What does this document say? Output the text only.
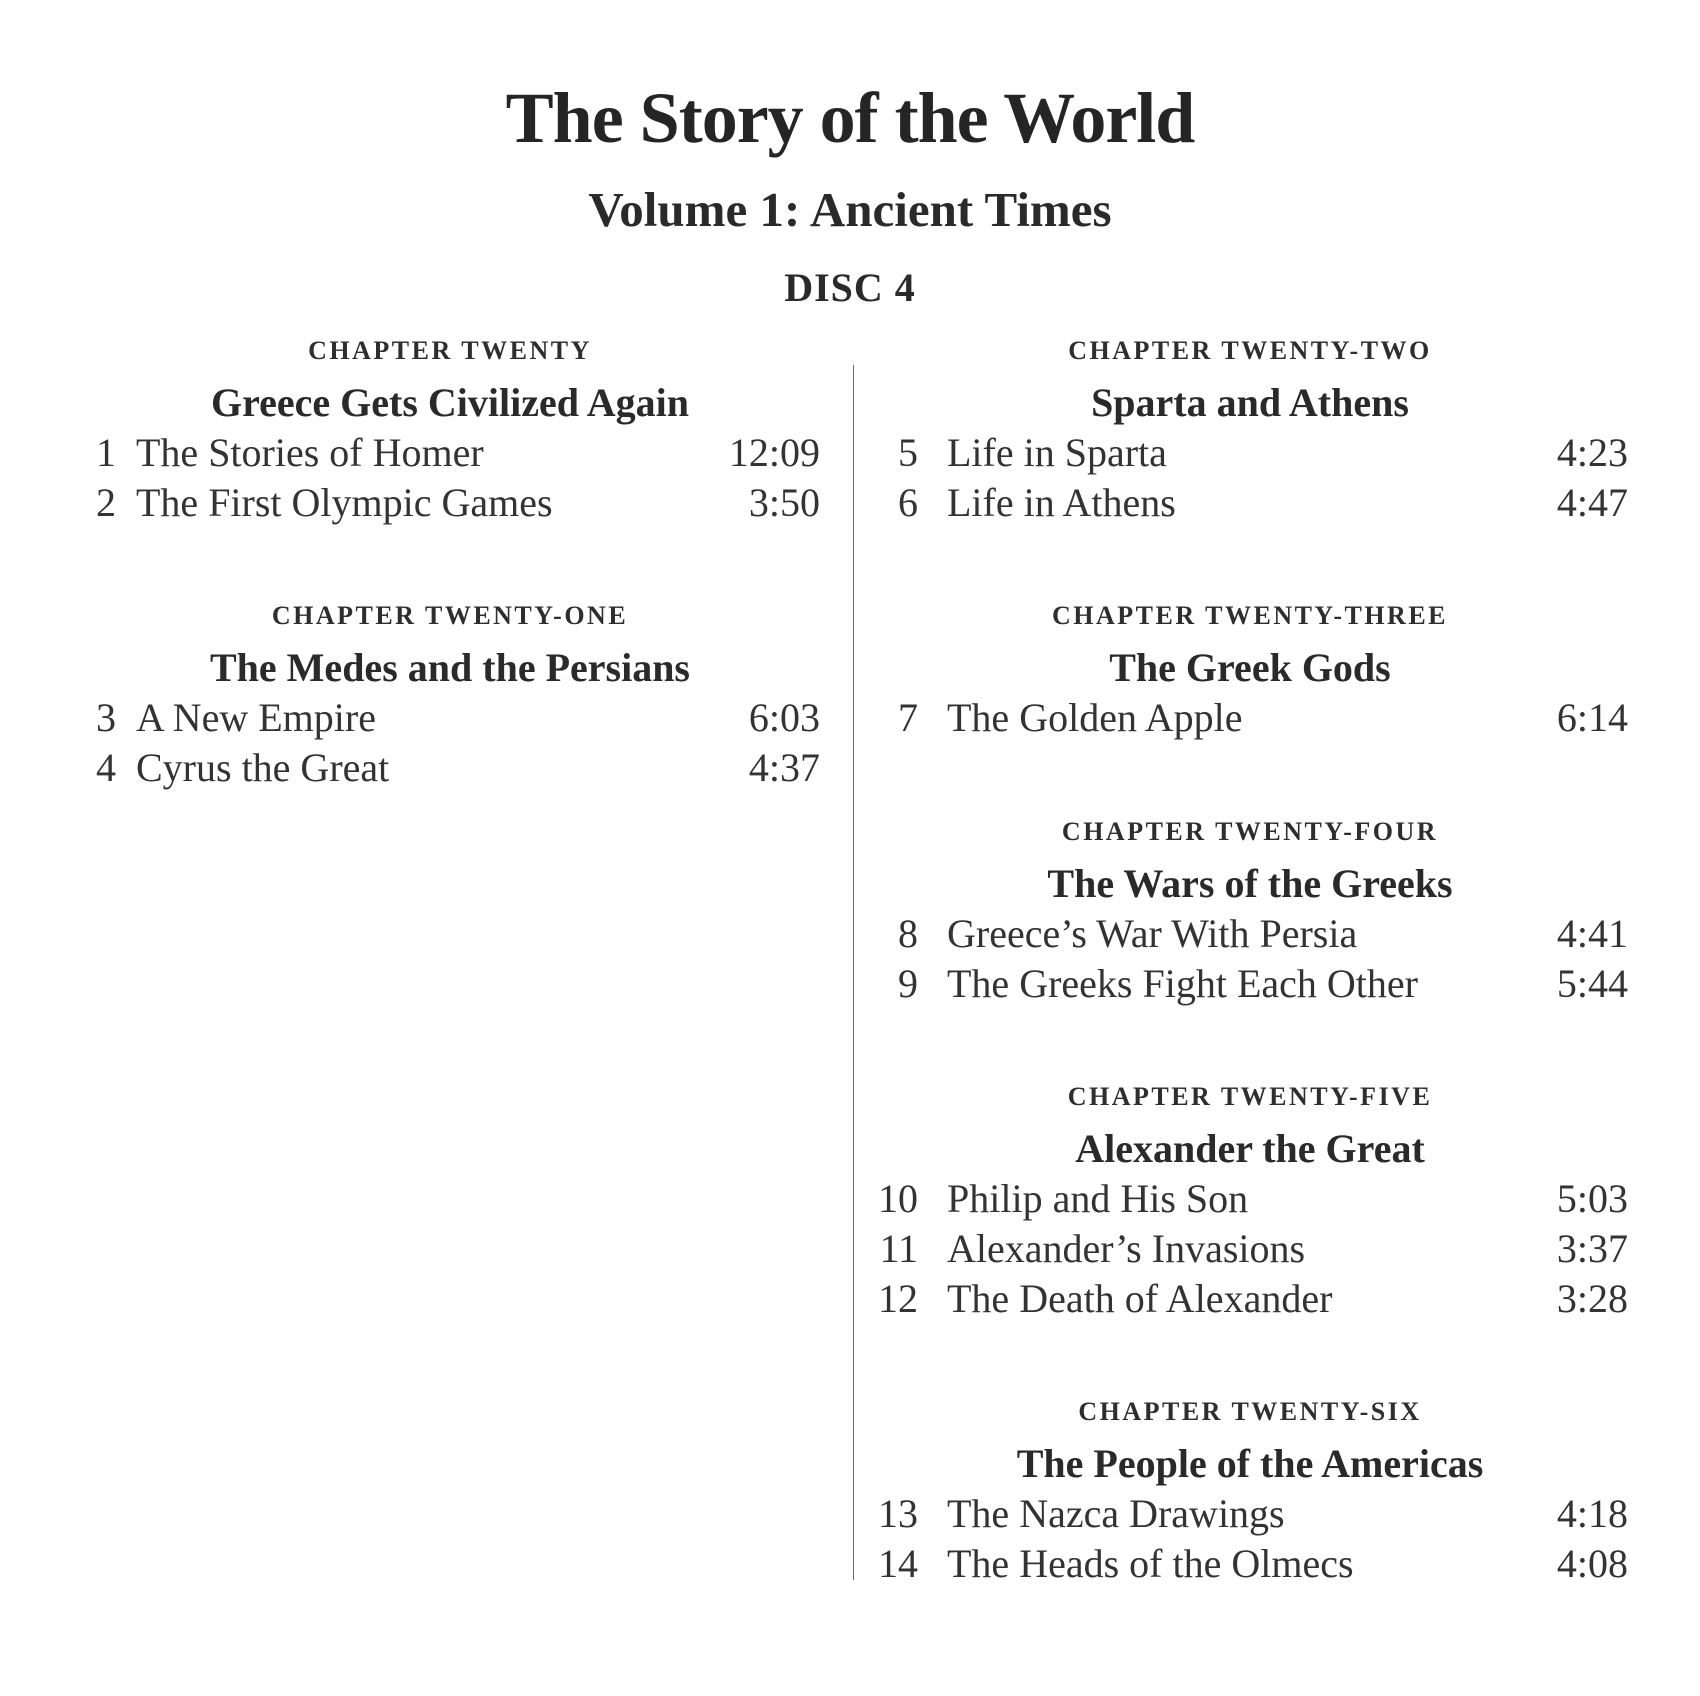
The Story of the World
Volume 1: Ancient Times
DISC 4
CHAPTER TWENTY
Greece Gets Civilized Again
1 The Stories of Homer	12:09
2 The First Olympic Games	3:50
CHAPTER TWENTY-ONE
The Medes and the Persians
3 A New Empire	6:03
4 Cyrus the Great	4:37
CHAPTER TWENTY-TWO
Sparta and Athens
5 Life in Sparta	4:23
6 Life in Athens	4:47
CHAPTER TWENTY-THREE
The Greek Gods
7 The Golden Apple	6:14
CHAPTER TWENTY-FOUR
The Wars of the Greeks
8 Greece’s War With Persia	4:41
9 The Greeks Fight Each Other	5:44
CHAPTER TWENTY-FIVE
Alexander the Great
10 Philip and His Son	5:03
11 Alexander’s Invasions	3:37
12 The Death of Alexander	3:28
CHAPTER TWENTY-SIX
The People of the Americas
13 The Nazca Drawings	4:18
14 The Heads of the Olmecs	4:08
